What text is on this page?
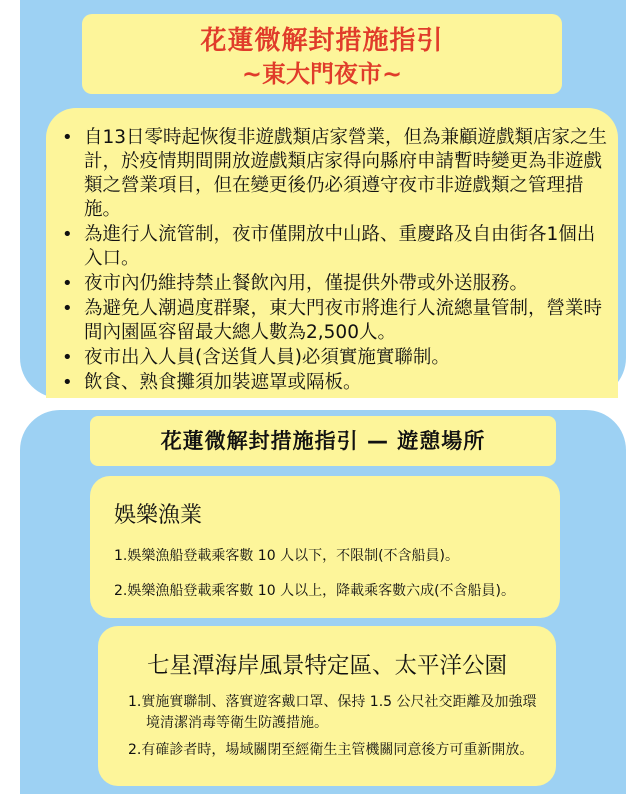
花蓮微解封措施指引
~東大門夜市~
• 自13日零時起恢復非遊戲類店家營業，但為兼顧遊戲類店家之生計，於疫情期間開放遊戲類店家得向縣府申請暫時變更為非遊戲類之營業項目，但在變更後仍必須遵守夜市非遊戲類之管理措施。
• 為進行人流管制，夜市僅開放中山路、重慶路及自由街各1個出入口。
• 夜市內仍維持禁止餐飲內用，僅提供外帶或外送服務。
• 為避免人潮過度群聚，東大門夜市將進行人流總量管制，營業時間內園區容留最大總人數為2,500人。
• 夜市出入人員(含送貨人員)必須實施實聯制。
• 飲食、熟食攤須加裝遮罩或隔板。
花蓮微解封措施指引 — 遊憩場所
娛樂漁業
1.娛樂漁船登載乘客數 10 人以下，不限制(不含船員)。
2.娛樂漁船登載乘客數 10 人以上，降載乘客數六成(不含船員)。
七星潭海岸風景特定區、太平洋公園
1.實施實聯制、落實遊客戴口罩、保持 1.5 公尺社交距離及加強環境清潔消毒等衛生防護措施。
2.有確診者時，場域關閉至經衛生主管機關同意後方可重新開放。
